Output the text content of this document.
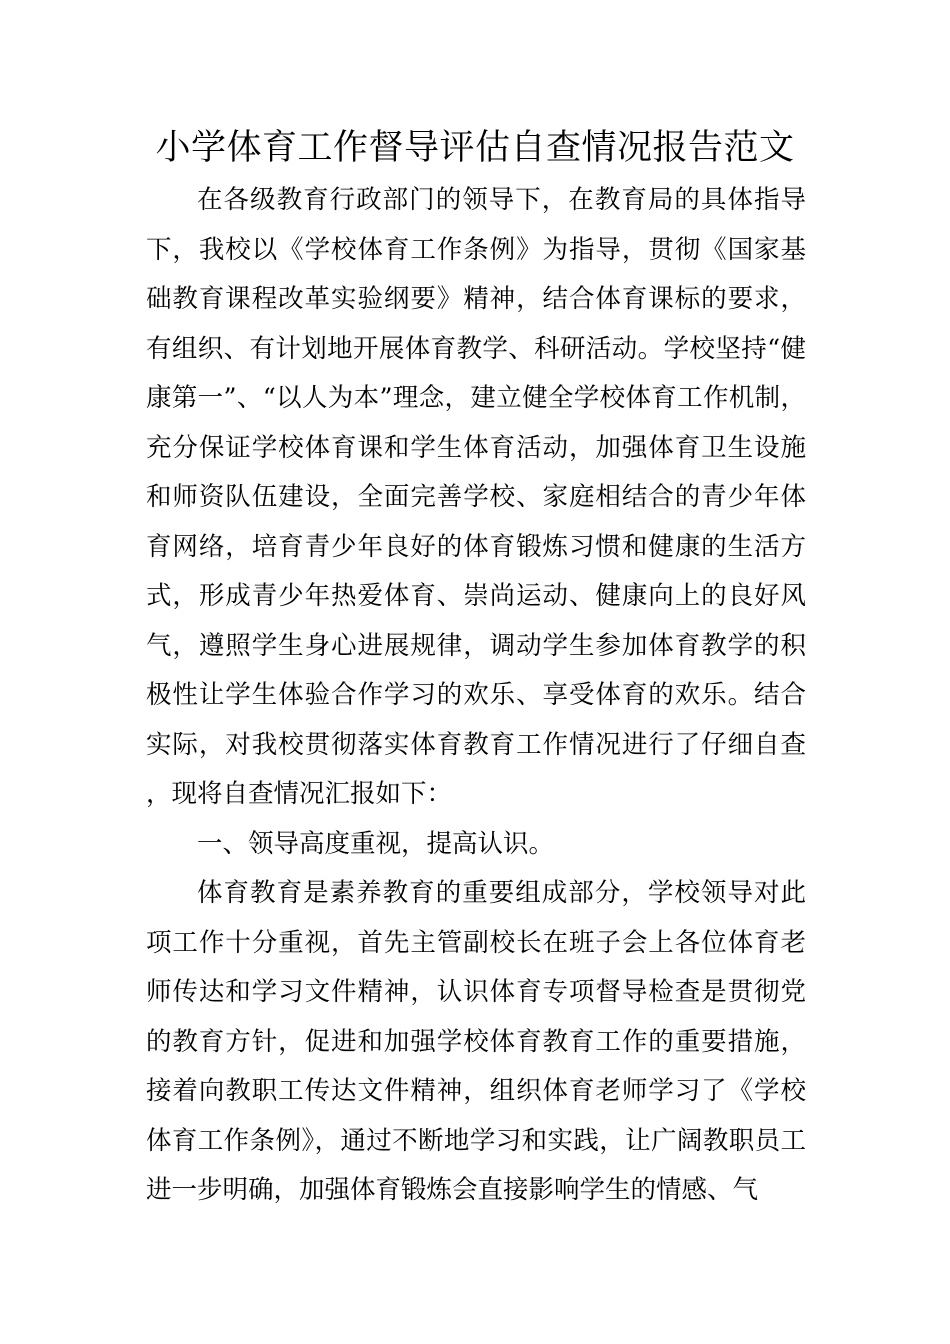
小学体育工作督导评估自查情况报告范文

在各级教育行政部门的领导下，在教育局的具体指导下，我校以《学校体育工作条例》为指导，贯彻《国家基础教育课程改革实验纲要》精神，结合体育课标的要求，有组织、有计划地开展体育教学、科研活动。学校坚持“健康第一”、“以人为本”理念，建立健全学校体育工作机制，充分保证学校体育课和学生体育活动，加强体育卫生设施和师资队伍建设，全面完善学校、家庭相结合的青少年体育网络，培育青少年良好的体育锻炼习惯和健康的生活方式，形成青少年热爱体育、崇尚运动、健康向上的良好风气，遵照学生身心进展规律，调动学生参加体育教学的积极性让学生体验合作学习的欢乐、享受体育的欢乐。结合实际，对我校贯彻落实体育教育工作情况进行了仔细自查，现将自查情况汇报如下：

一、领导高度重视，提高认识。

体育教育是素养教育的重要组成部分，学校领导对此项工作十分重视，首先主管副校长在班子会上各位体育老师传达和学习文件精神，认识体育专项督导检查是贯彻党的教育方针，促进和加强学校体育教育工作的重要措施，接着向教职工传达文件精神，组织体育老师学习了《学校体育工作条例》，通过不断地学习和实践，让广阔教职员工进一步明确，加强体育锻炼会直接影响学生的情感、气
